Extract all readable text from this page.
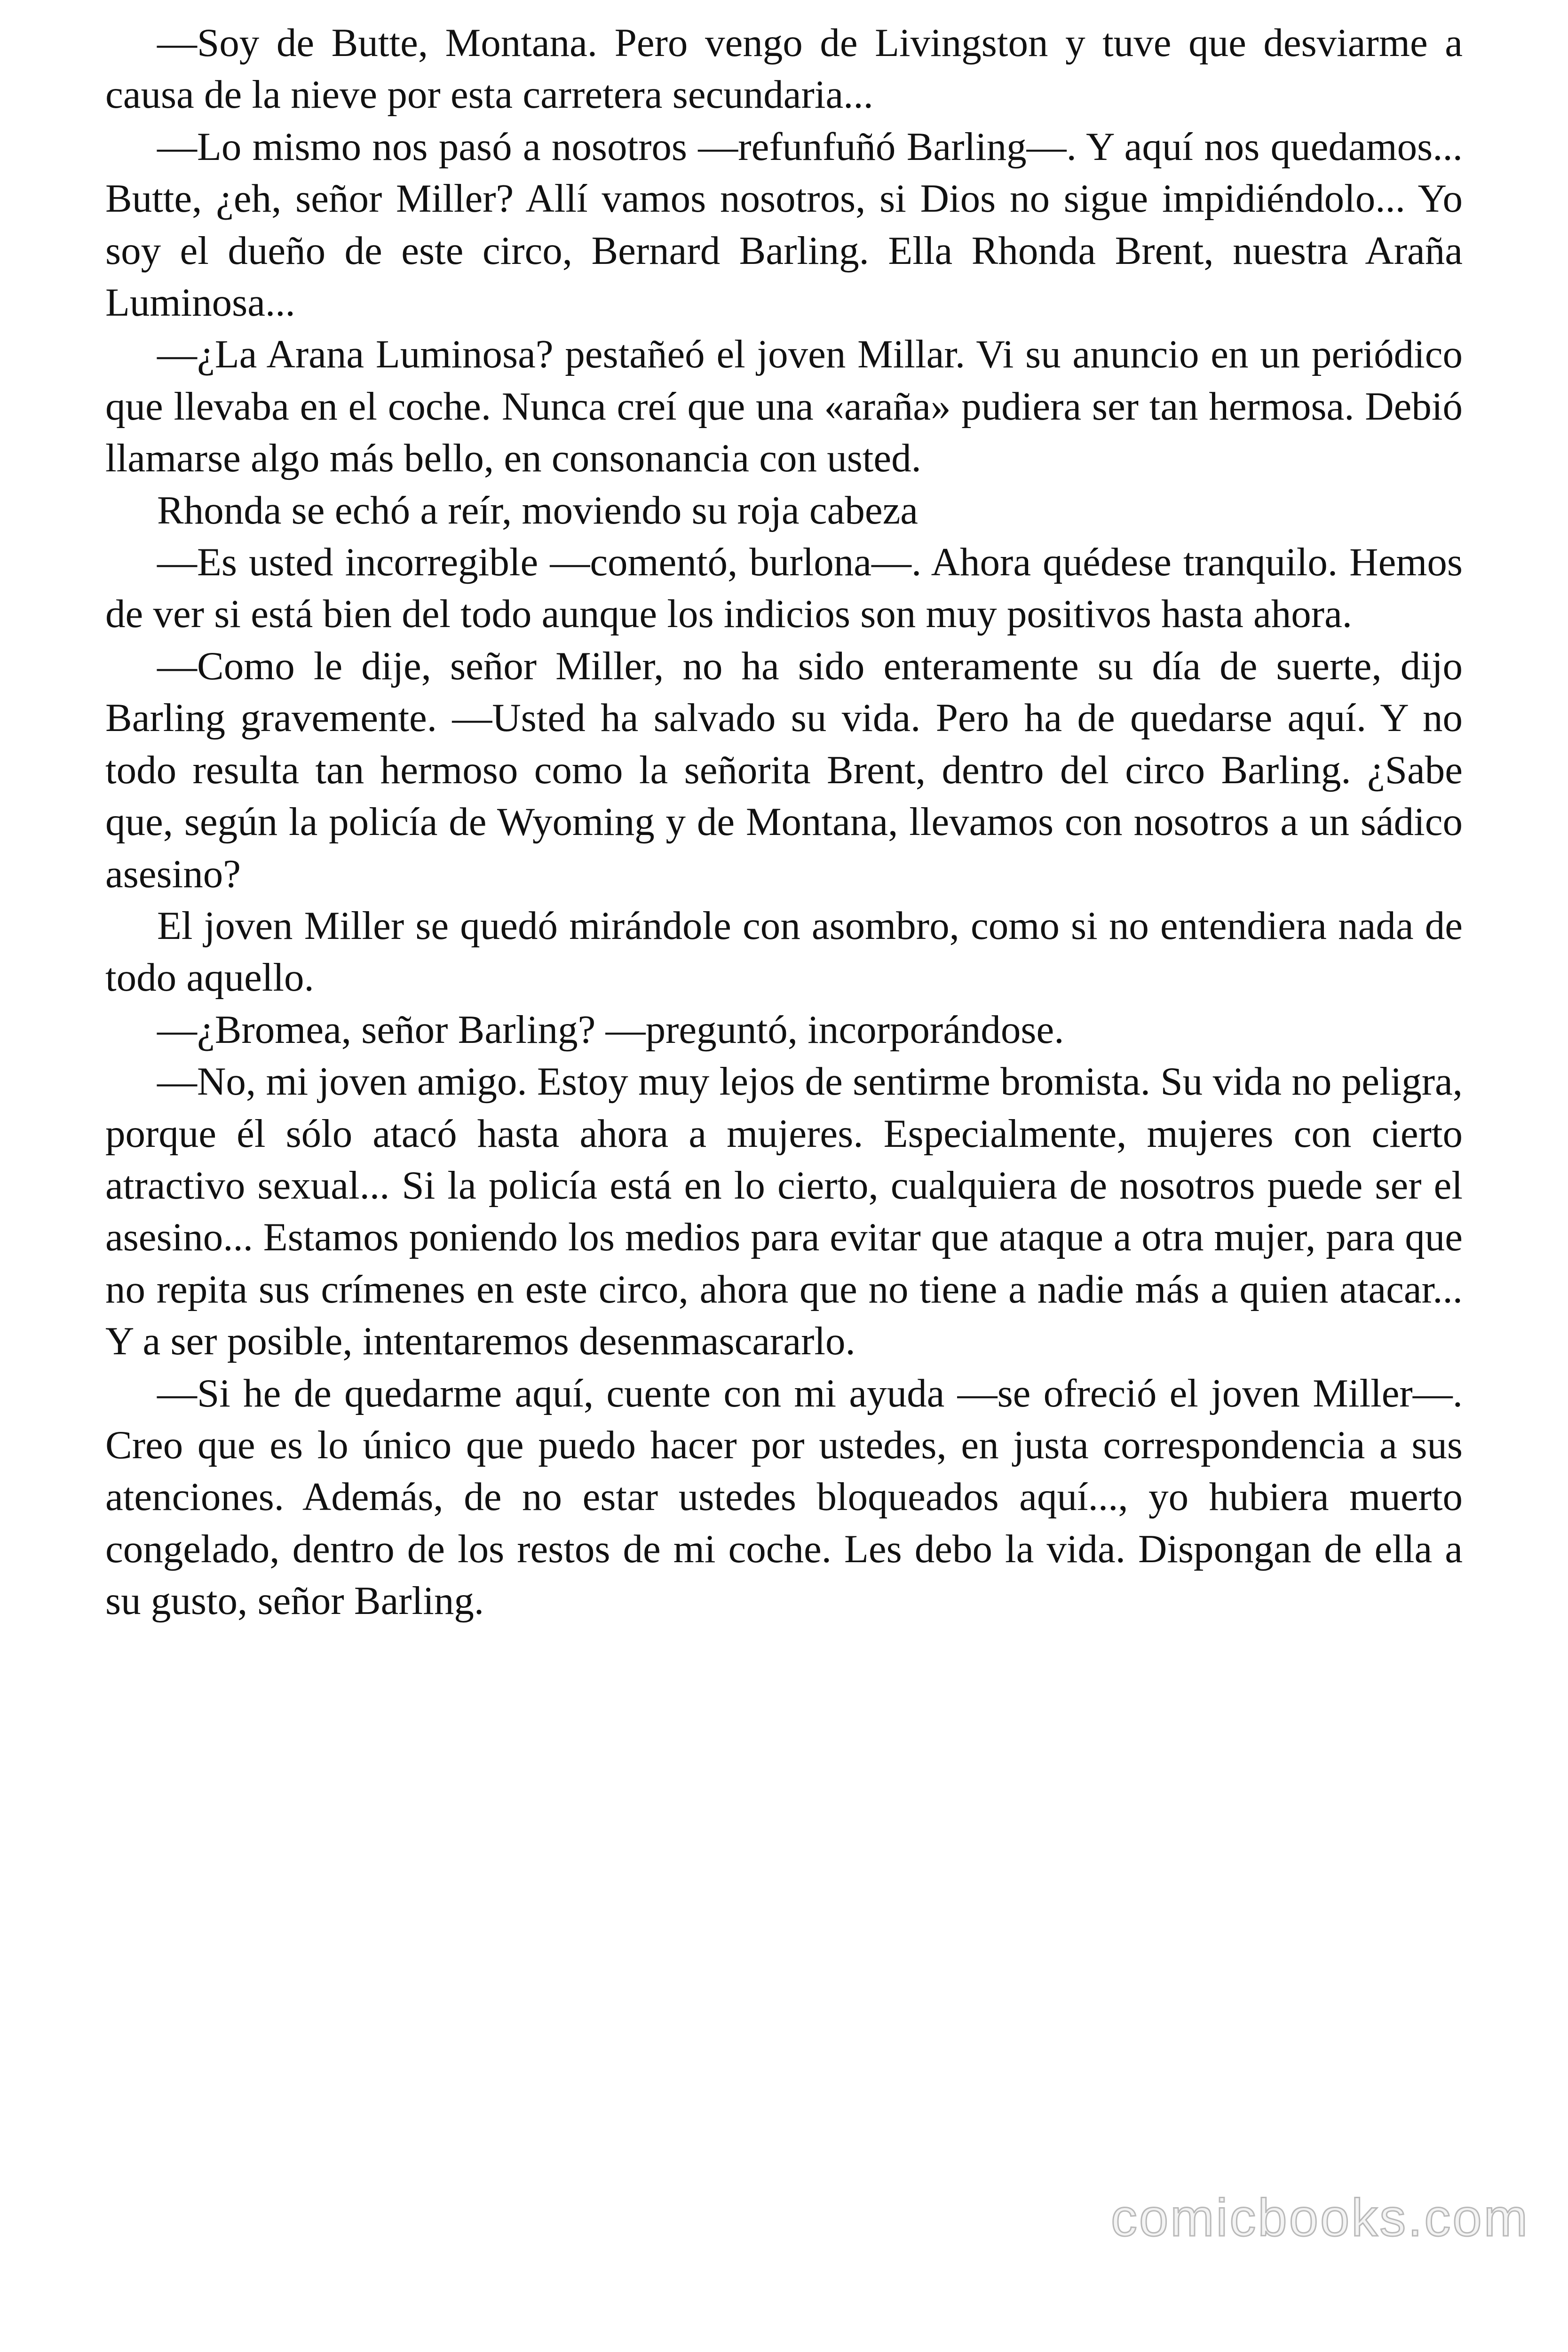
—Soy de Butte, Montana. Pero vengo de Livingston y tuve que desviarme a causa de la nieve por esta carretera secundaria...

—Lo mismo nos pasó a nosotros —refunfuñó Barling—. Y aquí nos quedamos... Butte, ¿eh, señor Miller? Allí vamos nosotros, si Dios no sigue impidiéndolo... Yo soy el dueño de este circo, Bernard Barling. Ella Rhonda Brent, nuestra Araña Luminosa...

—¿La Arana Luminosa? pestañeó el joven Millar. Vi su anuncio en un periódico que llevaba en el coche. Nunca creí que una «araña» pudiera ser tan hermosa. Debió llamarse algo más bello, en consonancia con usted.

Rhonda se echó a reír, moviendo su roja cabeza

—Es usted incorregible —comentó, burlona—. Ahora quédese tranquilo. Hemos de ver si está bien del todo aunque los indicios son muy positivos hasta ahora.

—Como le dije, señor Miller, no ha sido enteramente su día de suerte, dijo Barling gravemente. —Usted ha salvado su vida. Pero ha de quedarse aquí. Y no todo resulta tan hermoso como la señorita Brent, dentro del circo Barling. ¿Sabe que, según la policía de Wyoming y de Montana, llevamos con nosotros a un sádico asesino?

El joven Miller se quedó mirándole con asombro, como si no entendiera nada de todo aquello.

—¿Bromea, señor Barling? —preguntó, incorporándose.

—No, mi joven amigo. Estoy muy lejos de sentirme bromista. Su vida no peligra, porque él sólo atacó hasta ahora a mujeres. Especialmente, mujeres con cierto atractivo sexual... Si la policía está en lo cierto, cualquiera de nosotros puede ser el asesino... Estamos poniendo los medios para evitar que ataque a otra mujer, para que no repita sus crímenes en este circo, ahora que no tiene a nadie más a quien atacar... Y a ser posible, intentaremos desenmascararlo.

—Si he de quedarme aquí, cuente con mi ayuda —se ofreció el joven Miller—. Creo que es lo único que puedo hacer por ustedes, en justa correspondencia a sus atenciones. Además, de no estar ustedes bloqueados aquí..., yo hubiera muerto congelado, dentro de los restos de mi coche. Les debo la vida. Dispongan de ella a su gusto, señor Barling.

comicbooks.com
